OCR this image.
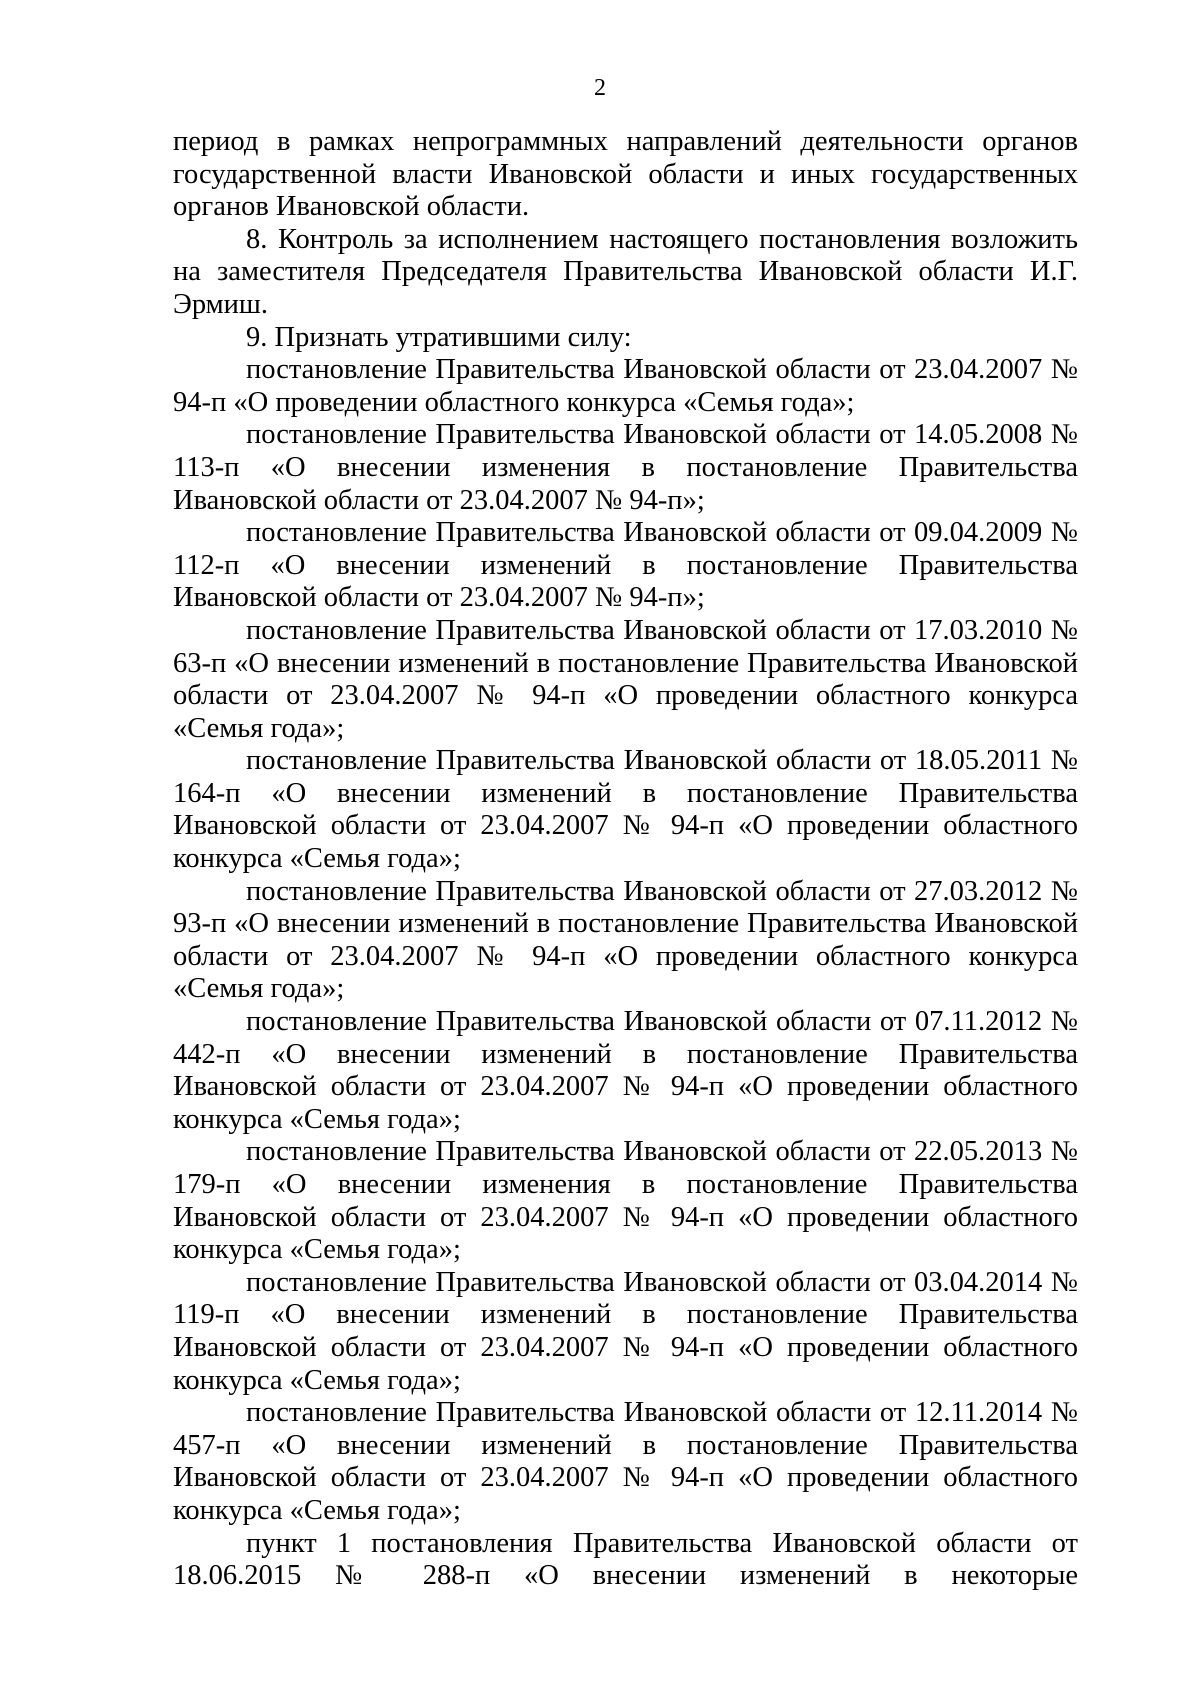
2

период в рамках непрограммных направлений деятельности органов государственной власти Ивановской области и иных государственных органов Ивановской области.

8. Контроль за исполнением настоящего постановления возложить на заместителя Председателя Правительства Ивановской области И.Г. Эрмиш.

9. Признать утратившими силу:

постановление Правительства Ивановской области от 23.04.2007 № 94-п «О проведении областного конкурса «Семья года»;

постановление Правительства Ивановской области от 14.05.2008 № 113-п «О внесении изменения в постановление Правительства Ивановской области от 23.04.2007 № 94-п»;

постановление Правительства Ивановской области от 09.04.2009 № 112-п «О внесении изменений в постановление Правительства Ивановской области от 23.04.2007 № 94-п»;

постановление Правительства Ивановской области от 17.03.2010 № 63-п «О внесении изменений в постановление Правительства Ивановской области от 23.04.2007 № 94-п «О проведении областного конкурса «Семья года»;

постановление Правительства Ивановской области от 18.05.2011 № 164-п «О внесении изменений в постановление Правительства Ивановской области от 23.04.2007 № 94-п «О проведении областного конкурса «Семья года»;

постановление Правительства Ивановской области от 27.03.2012 № 93-п «О внесении изменений в постановление Правительства Ивановской области от 23.04.2007 № 94-п «О проведении областного конкурса «Семья года»;

постановление Правительства Ивановской области от 07.11.2012 № 442-п «О внесении изменений в постановление Правительства Ивановской области от 23.04.2007 № 94-п «О проведении областного конкурса «Семья года»;

постановление Правительства Ивановской области от 22.05.2013 № 179-п «О внесении изменения в постановление Правительства Ивановской области от 23.04.2007 № 94-п «О проведении областного конкурса «Семья года»;

постановление Правительства Ивановской области от 03.04.2014 № 119-п «О внесении изменений в постановление Правительства Ивановской области от 23.04.2007 № 94-п «О проведении областного конкурса «Семья года»;

постановление Правительства Ивановской области от 12.11.2014 № 457-п «О внесении изменений в постановление Правительства Ивановской области от 23.04.2007 № 94-п «О проведении областного конкурса «Семья года»;

пункт 1 постановления Правительства Ивановской области от 18.06.2015 № 288-п «О внесении изменений в некоторые
